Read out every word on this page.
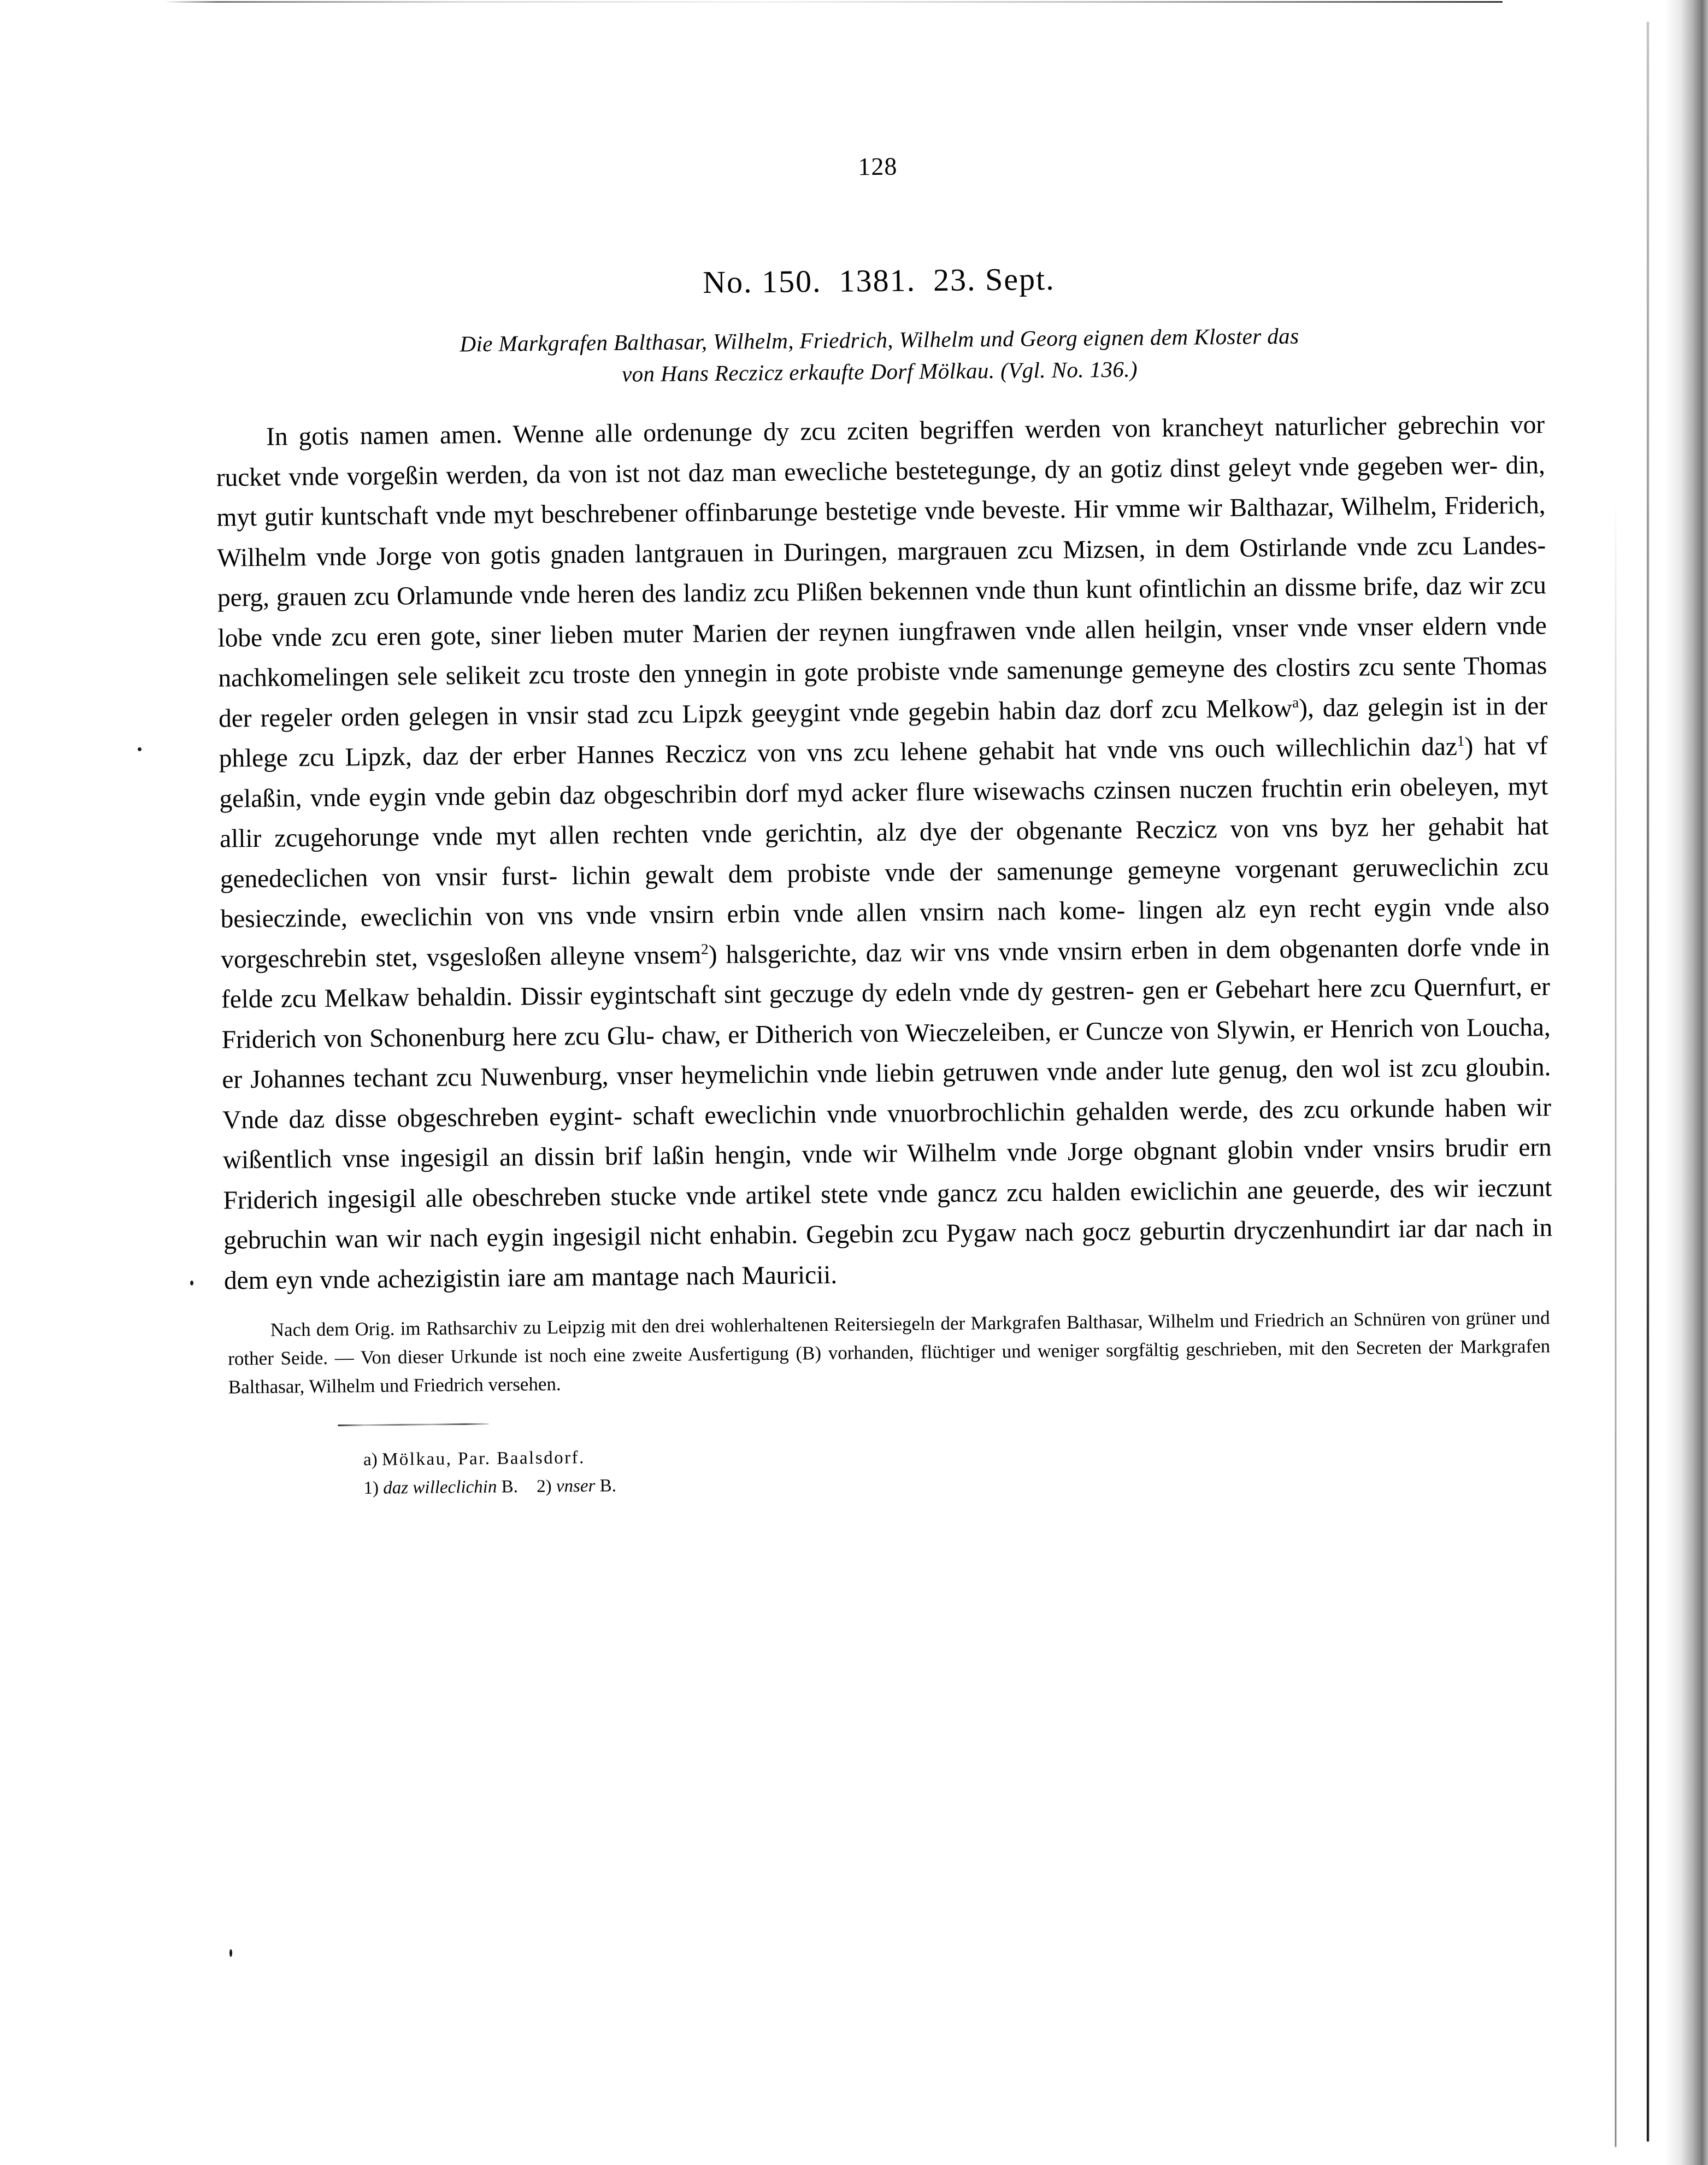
128
No. 150. 1381. 23. Sept.
Die Markgrafen Balthasar, Wilhelm, Friedrich, Wilhelm und Georg eignen dem Kloster das
von Hans Reczicz erkaufte Dorf Mölkau. (Vgl. No. 136.)
In gotis namen amen. Wenne alle ordenunge dy zcu zciten begriffen werden von krancheyt naturlicher gebrechin vor rucket vnde vorgeßin werden, da von ist not daz man ewecliche bestetegunge, dy an gotiz dinst geleyt vnde gegeben wer- din, myt gutir kuntschaft vnde myt beschrebener offinbarunge bestetige vnde beveste. Hir vmme wir Balthazar, Wilhelm, Friderich, Wilhelm vnde Jorge von gotis gnaden lantgrauen in Duringen, margrauen zcu Mizsen, in dem Ostirlande vnde zcu Landes- perg, grauen zcu Orlamunde vnde heren des landiz zcu Plißen bekennen vnde thun kunt ofintlichin an dissme brife, daz wir zcu lobe vnde zcu eren gote, siner lieben muter Marien der reynen iungfrawen vnde allen heilgin, vnser vnde vnser eldern vnde nachkomelingen sele selikeit zcu troste den ynnegin in gote probiste vnde samenunge gemeyne des clostirs zcu sente Thomas der regeler orden gelegen in vnsir stad zcu Lipzk geeygint vnde gegebin habin daz dorf zcu Melkow$^a$), daz gelegin ist in der phlege zcu Lipzk, daz der erber Hannes Reczicz von vns zcu lehene gehabit hat vnde vns ouch willechlichin daz$^1$) hat vf gelaßin, vnde eygin vnde gebin daz obgeschribin dorf myd acker flure wisewachs czinsen nuczen fruchtin erin obeleyen, myt allir zcugehorunge vnde myt allen rechten vnde gerichtin, alz dye der obgenante Reczicz von vns byz her gehabit hat genedeclichen von vnsir furst- lichin gewalt dem probiste vnde der samenunge gemeyne vorgenant geruweclichin zcu besieczinde, eweclichin von vns vnde vnsirn erbin vnde allen vnsirn nach kome- lingen alz eyn recht eygin vnde also vorgeschrebin stet, vsgesloßen alleyne vnsem$^2$) halsgerichte, daz wir vns vnde vnsirn erben in dem obgenanten dorfe vnde in felde zcu Melkaw behaldin. Dissir eygintschaft sint geczuge dy edeln vnde dy gestren- gen er Gebehart here zcu Quernfurt, er Friderich von Schonenburg here zcu Glu- chaw, er Ditherich von Wieczeleiben, er Cuncze von Slywin, er Henrich von Loucha, er Johannes techant zcu Nuwenburg, vnser heymelichin vnde liebin getruwen vnde ander lute genug, den wol ist zcu gloubin. Vnde daz disse obgeschreben eygint- schaft eweclichin vnde vnuorbrochlichin gehalden werde, des zcu orkunde haben wir wißentlich vnse ingesigil an dissin brif laßin hengin, vnde wir Wilhelm vnde Jorge obgnant globin vnder vnsirs brudir ern Friderich ingesigil alle obeschreben stucke vnde artikel stete vnde gancz zcu halden ewiclichin ane geuerde, des wir ieczunt gebruchin wan wir nach eygin ingesigil nicht enhabin. Gegebin zcu Pygaw nach gocz geburtin dryczenhundirt iar dar nach in dem eyn vnde achezigistin iare am mantage nach Mauricii.
Nach dem Orig. im Rathsarchiv zu Leipzig mit den drei wohlerhaltenen Reitersiegeln der Markgrafen Balthasar, Wilhelm und Friedrich an Schnüren von grüner und rother Seide. — Von dieser Urkunde ist noch eine zweite Ausfertigung (B) vorhanden, flüchtiger und weniger sorgfältig geschrieben, mit den Secreten der Markgrafen Balthasar, Wilhelm und Friedrich versehen.
a) Mölkau, Par. Baalsdorf.
1) daz willeclichin B. 2) vnser B.
